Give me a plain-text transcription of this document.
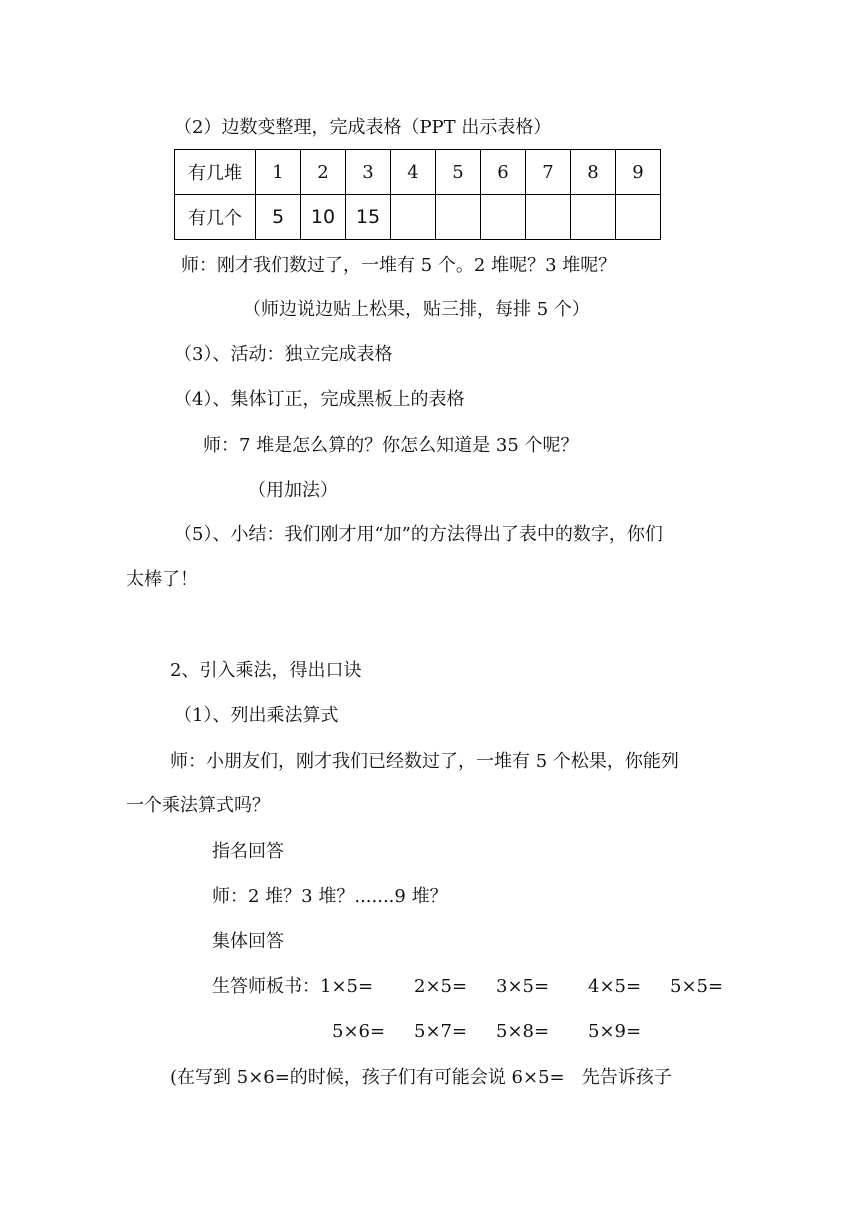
（2）边数变整理，完成表格（PPT 出示表格）
有几堆	1	2	3	4	5	6	7	8	9
有几个	5	10	15						
师：刚才我们数过了，一堆有 5 个。2 堆呢？3 堆呢？
（师边说边贴上松果，贴三排，每排 5 个）
（3）、活动：独立完成表格
（4）、集体订正，完成黑板上的表格
师：7 堆是怎么算的？你怎么知道是 35 个呢？
（用加法）
（5）、小结：我们刚才用“加”的方法得出了表中的数字，你们
太棒了！
2、引入乘法，得出口诀
（1）、列出乘法算式
师：小朋友们，刚才我们已经数过了，一堆有 5 个松果，你能列
一个乘法算式吗？
指名回答
师：2 堆？3 堆？.......9 堆？
集体回答
生答师板书：1×5= 2×5= 3×5= 4×5= 5×5=
5×6= 5×7= 5×8= 5×9=
(在写到 5×6=的时候，孩子们有可能会说 6×5=   先告诉孩子
